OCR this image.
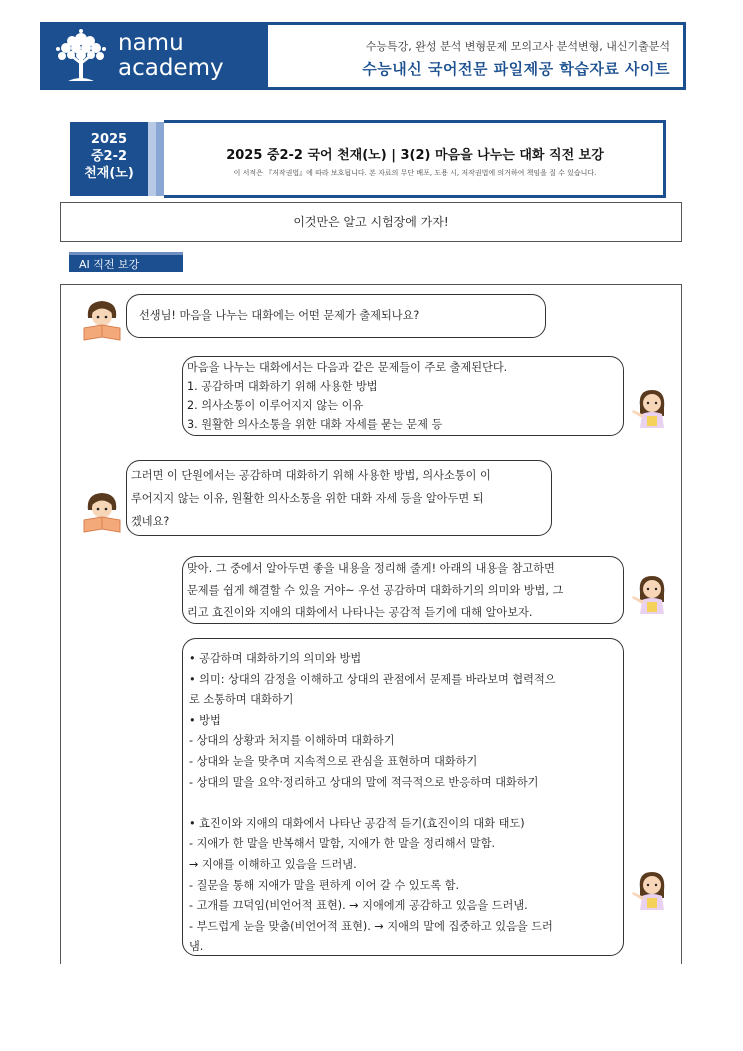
namu
academy
수능특강, 완성 분석 변형문제 모의고사 분석변형, 내신기출분석
수능내신 국어전문 파일제공 학습자료 사이트
2025
중2-2
천재(노)
2025 중2-2 국어 천재(노) | 3(2) 마음을 나누는 대화 직전 보강
이 서적은 『저작권법』에 따라 보호됩니다. 본 자료의 무단 배포, 도용 시, 저작권법에 의거하여 책임을 질 수 있습니다.
이것만은 알고 시험장에 가자!
AI 직전 보강
선생님! 마음을 나누는 대화에는 어떤 문제가 출제되나요?
마음을 나누는 대화에서는 다음과 같은 문제들이 주로 출제된단다.
1. 공감하며 대화하기 위해 사용한 방법
2. 의사소통이 이루어지지 않는 이유
3. 원활한 의사소통을 위한 대화 자세를 묻는 문제 등
그러면 이 단원에서는 공감하며 대화하기 위해 사용한 방법, 의사소통이 이
루어지지 않는 이유, 원활한 의사소통을 위한 대화 자세 등을 알아두면 되
겠네요?
맞아. 그 중에서 알아두면 좋을 내용을 정리해 줄게! 아래의 내용을 참고하면
문제를 쉽게 해결할 수 있을 거야~ 우선 공감하며 대화하기의 의미와 방법, 그
리고 효진이와 지애의 대화에서 나타나는 공감적 듣기에 대해 알아보자.
• 공감하며 대화하기의 의미와 방법
• 의미: 상대의 감정을 이해하고 상대의 관점에서 문제를 바라보며 협력적으
로 소통하며 대화하기
• 방법
- 상대의 상황과 처지를 이해하며 대화하기
- 상대와 눈을 맞추며 지속적으로 관심을 표현하며 대화하기
- 상대의 말을 요약·정리하고 상대의 말에 적극적으로 반응하며 대화하기

• 효진이와 지애의 대화에서 나타난 공감적 듣기(효진이의 대화 태도)
- 지애가 한 말을 반복해서 말함, 지애가 한 말을 정리해서 말함.
→ 지애를 이해하고 있음을 드러냄.
- 질문을 통해 지애가 말을 편하게 이어 갈 수 있도록 함.
- 고개를 끄덕임(비언어적 표현). → 지애에게 공감하고 있음을 드러냄.
- 부드럽게 눈을 맞춤(비언어적 표현). → 지애의 말에 집중하고 있음을 드러
냄.
